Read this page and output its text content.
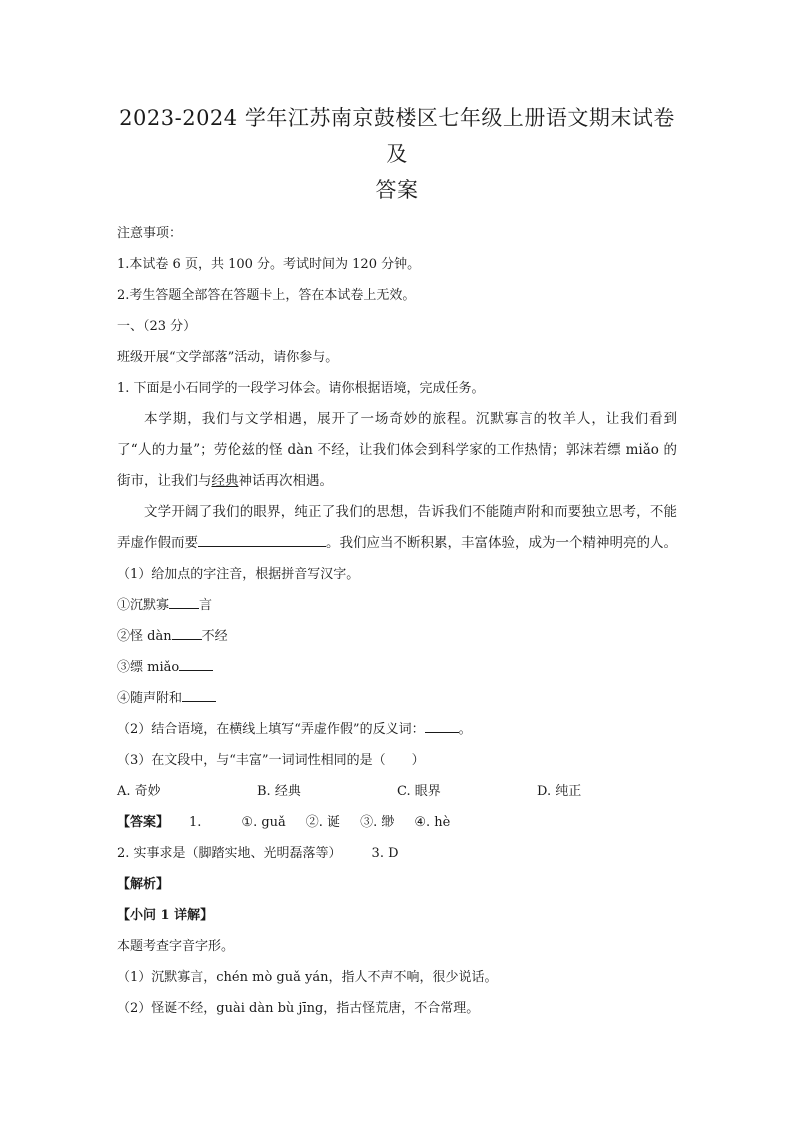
2023-2024 学年江苏南京鼓楼区七年级上册语文期末试卷及
答案

注意事项：

1.本试卷 6 页，共 100 分。考试时间为 120 分钟。

2.考生答题全部答在答题卡上，答在本试卷上无效。

一、（23 分）

班级开展“文学部落”活动，请你参与。

1. 下面是小石同学的一段学习体会。请你根据语境，完成任务。

本学期，我们与文学相遇，展开了一场奇妙的旅程。沉默寡言的牧羊人，让我们看到了“人的力量”；劳伦兹的怪 dàn 不经，让我们体会到科学家的工作热情；郭沫若缥 miǎo 的街市，让我们与经典神话再次相遇。

文学开阔了我们的眼界，纯正了我们的思想，告诉我们不能随声附和而要独立思考，不能弄虚作假而要	。我们应当不断积累，丰富体验，成为一个精神明亮的人。

（1）给加点的字注音，根据拼音写汉字。

①沉默寡 言

②怪 dàn 不经

③缥 miǎo

④随声附和

（2）结合语境，在横线上填写“弄虚作假”的反义词：	。

（3）在文段中，与“丰富”一词词性相同的是（　　）

A. 奇妙	B. 经典	C. 眼界	D. 纯正
【答案】 1.	①. guǎ ②. 诞 ③. 缈 ④. hè

2. 实事求是（脚踏实地、光明磊落等） 3. D

【解析】

【小问 1 详解】

本题考查字音字形。

（1）沉默寡言，chén mò guǎ yán，指人不声不响，很少说话。

（2）怪诞不经，guài dàn bù jīng，指古怪荒唐，不合常理。
